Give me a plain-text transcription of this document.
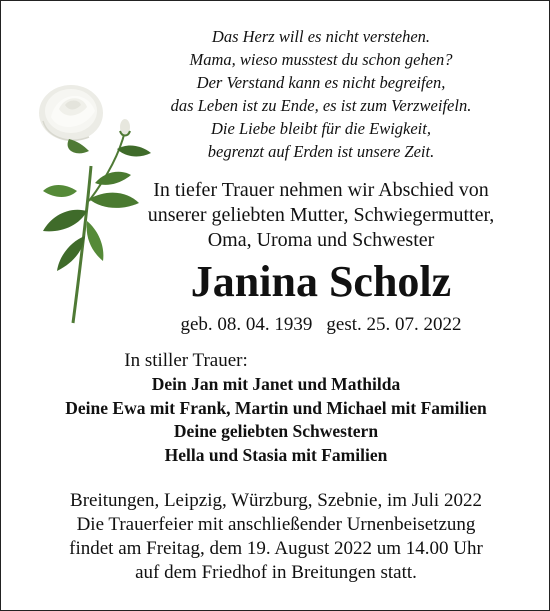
Das Herz will es nicht verstehen.
Mama, wieso musstest du schon gehen?
Der Verstand kann es nicht begreifen,
das Leben ist zu Ende, es ist zum Verzweifeln.
Die Liebe bleibt für die Ewigkeit,
begrenzt auf Erden ist unsere Zeit.
In tiefer Trauer nehmen wir Abschied von
unserer geliebten Mutter, Schwiegermutter,
Oma, Uroma und Schwester
Janina Scholz
geb. 08. 04. 1939 gest. 25. 07. 2022
In stiller Trauer:
Dein Jan mit Janet und Mathilda
Deine Ewa mit Frank, Martin und Michael mit Familien
Deine geliebten Schwestern
Hella und Stasia mit Familien
Breitungen, Leipzig, Würzburg, Szebnie, im Juli 2022
Die Trauerfeier mit anschließender Urnenbeisetzung
findet am Freitag, dem 19. August 2022 um 14.00 Uhr
auf dem Friedhof in Breitungen statt.
